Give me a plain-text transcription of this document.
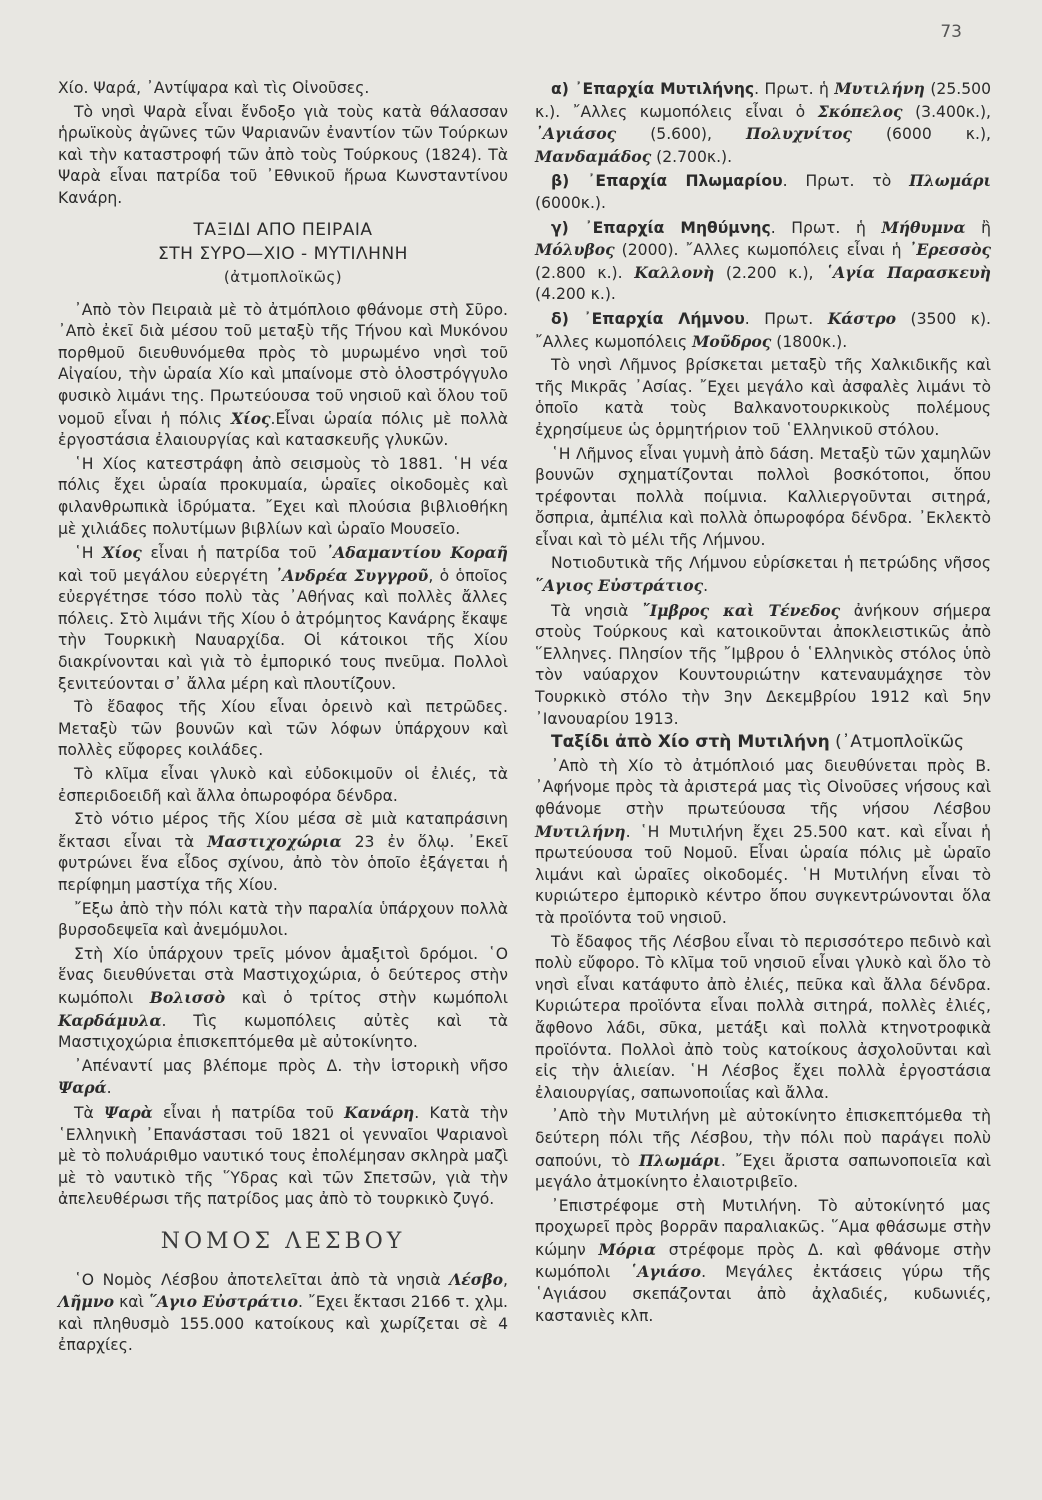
73

Χίο. Ψαρά, ᾽Αντίψαρα καὶ τὶς Οἰνοῦσες.

Τὸ νησὶ Ψαρὰ εἶναι ἔνδοξο γιὰ τοὺς κατὰ θάλασσαν ἡρωϊκοὺς ἀγῶνες τῶν Ψαριανῶν ἐναντίον τῶν Τούρκων καὶ τὴν καταστροφή τῶν ἀπὸ τοὺς Τούρκους (1824). Τὰ Ψαρὰ εἶναι πατρίδα τοῦ ᾽Εθνικοῦ ἥρωα Κωνσταντίνου Κανάρη.

ΤΑΞΙΔΙ ΑΠΟ ΠΕΙΡΑΙΑ
ΣΤΗ ΣΥΡΟ—ΧΙΟ - ΜΥΤΙΛΗΝΗ
(ἀτμοπλοϊκῶς)

᾽Απὸ τὸν Πειραιὰ μὲ τὸ ἀτμόπλοιο φθάνομε στὴ Σῦρο. ᾽Απὸ ἐκεῖ διὰ μέσου τοῦ μεταξὺ τῆς Τήνου καὶ Μυκόνου πορθμοῦ διευθυνόμεθα πρὸς τὸ μυρωμένο νησὶ τοῦ Αἰγαίου, τὴν ὡραία Χίο καὶ μπαίνομε στὸ ὁλοστρόγγυλο φυσικὸ λιμάνι της. Πρωτεύουσα τοῦ νησιοῦ καὶ ὅλου τοῦ νομοῦ εἶναι ἡ πόλις Χίος.Εἶναι ὡραία πόλις μὲ πολλὰ ἐργοστάσια ἐλαιουργίας καὶ κατασκευῆς γλυκῶν.

῾Η Χίος κατεστράφη ἀπὸ σεισμοὺς τὸ 1881. ῾Η νέα πόλις ἔχει ὡραία προκυμαία, ὡραῖες οἰκοδομὲς καὶ φιλανθρωπικὰ ἱδρύματα. ῎Εχει καὶ πλούσια βιβλιοθήκη μὲ χιλιάδες πολυτίμων βιβλίων καὶ ὡραῖο Μουσεῖο.

῾Η Χίος εἶναι ἡ πατρίδα τοῦ ᾽Αδαμαντίου Κοραῆ καὶ τοῦ μεγάλου εὐεργέτη ᾽Ανδρέα Συγγροῦ, ὁ ὁποῖος εὐεργέτησε τόσο πολὺ τὰς ᾽Αθήνας καὶ πολλὲς ἄλλες πόλεις. Στὸ λιμάνι τῆς Χίου ὁ ἀτρόμητος Κανάρης ἔκαψε τὴν Τουρκικὴ Ναυαρχίδα. Οἱ κάτοικοι τῆς Χίου διακρίνονται καὶ γιὰ τὸ ἐμπορικό τους πνεῦμα. Πολλοὶ ξενιτεύονται σ᾽ ἄλλα μέρη καὶ πλουτίζουν.

Τὸ ἔδαφος τῆς Χίου εἶναι ὀρεινὸ καὶ πετρῶδες. Μεταξὺ τῶν βουνῶν καὶ τῶν λόφων ὑπάρχουν καὶ πολλὲς εὔφορες κοιλάδες.

Τὸ κλῖμα εἶναι γλυκὸ καὶ εὐδοκιμοῦν οἱ ἐλιές, τὰ ἐσπεριδοειδῆ καὶ ἄλλα ὀπωροφόρα δένδρα.

Στὸ νότιο μέρος τῆς Χίου μέσα σὲ μιὰ καταπράσινη ἔκτασι εἶναι τὰ Μαστιχοχώρια 23 ἐν ὅλῳ. ᾽Εκεῖ φυτρώνει ἕνα εἶδος σχίνου, ἀπὸ τὸν ὁποῖο ἐξάγεται ἡ περίφημη μαστίχα τῆς Χίου.

῎Εξω ἀπὸ τὴν πόλι κατὰ τὴν παραλία ὑπάρχουν πολλὰ βυρσοδεψεῖα καὶ ἀνεμόμυλοι.

Στὴ Χίο ὑπάρχουν τρεῖς μόνον ἁμαξιτοὶ δρόμοι. ῾Ο ἕνας διευθύνεται στὰ Μαστιχοχώρια, ὁ δεύτερος στὴν κωμόπολι Βολισσὸ καὶ ὁ τρίτος στὴν κωμόπολι Καρδάμυλα. Τὶς κωμοπόλεις αὐτὲς καὶ τὰ Μαστιχοχώρια ἐπισκεπτόμεθα μὲ αὐτοκίνητο.

᾽Απέναντί μας βλέπομε πρὸς Δ. τὴν ἱστορικὴ νῆσο Ψαρά.

Τὰ Ψαρὰ εἶναι ἡ πατρίδα τοῦ Κανάρη. Κατὰ τὴν ῾Ελληνικὴ ᾽Επανάστασι τοῦ 1821 οἱ γενναῖοι Ψαριανοὶ μὲ τὸ πολυάριθμο ναυτικό τους ἐπολέμησαν σκληρὰ μαζὶ μὲ τὸ ναυτικὸ τῆς ῞Υδρας καὶ τῶν Σπετσῶν, γιὰ τὴν ἀπελευθέρωσι τῆς πατρίδος μας ἀπὸ τὸ τουρκικὸ ζυγό.

ΝΟΜΟΣ ΛΕΣΒΟΥ

῾Ο Νομὸς Λέσβου ἀποτελεῖται ἀπὸ τὰ νησιὰ Λέσβο, Λῆμνο καὶ ῞Αγιο Εὐστράτιο. ῎Εχει ἔκτασι 2166 τ. χλμ. καὶ πληθυσμὸ 155.000 κατοίκους καὶ χωρίζεται σὲ 4 ἐπαρχίες.

α) ᾽Επαρχία Μυτιλήνης. Πρωτ. ἡ Μυτιλήνη (25.500 κ.). ῎Αλλες κωμοπόλεις εἶναι ὁ Σκόπελος (3.400κ.), ᾽Αγιάσος (5.600), Πολυχνίτος (6000 κ.), Μανδαμάδος (2.700κ.).

β) ᾽Επαρχία Πλωμαρίου. Πρωτ. τὸ Πλωμάρι (6000κ.).

γ) ᾽Επαρχία Μηθύμνης. Πρωτ. ἡ Μήθυμνα ἢ Μόλυβος (2000). ῎Αλλες κωμοπόλεις εἶναι ἡ ᾽Ερεσσὸς (2.800 κ.). Καλλονὴ (2.200 κ.), ῾Αγία Παρασκευὴ (4.200 κ.).

δ) ᾽Επαρχία Λήμνου. Πρωτ. Κάστρο (3500 κ). ῎Αλλες κωμοπόλεις Μοῦδρος (1800κ.).

Τὸ νησὶ Λῆμνος βρίσκεται μεταξὺ τῆς Χαλκιδικῆς καὶ τῆς Μικρᾶς ᾽Ασίας. ῎Εχει μεγάλο καὶ ἀσφαλὲς λιμάνι τὸ ὁποῖο κατὰ τοὺς Βαλκανοτουρκικοὺς πολέμους ἐχρησίμευε ὡς ὁρμητήριον τοῦ ῾Ελληνικοῦ στόλου.

῾Η Λῆμνος εἶναι γυμνὴ ἀπὸ δάση. Μεταξὺ τῶν χαμηλῶν βουνῶν σχηματίζονται πολλοὶ βοσκότοποι, ὅπου τρέφονται πολλὰ ποίμνια. Καλλιεργοῦνται σιτηρά, ὄσπρια, ἀμπέλια καὶ πολλὰ ὀπωροφόρα δένδρα. ᾽Εκλεκτὸ εἶναι καὶ τὸ μέλι τῆς Λήμνου.

Νοτιοδυτικὰ τῆς Λήμνου εὑρίσκεται ἡ πετρώδης νῆσος ῞Αγιος Εὐστράτιος.

Τὰ νησιὰ ῎Ιμβρος καὶ Τένεδος ἀνήκουν σήμερα στοὺς Τούρκους καὶ κατοικοῦνται ἀποκλειστικῶς ἀπὸ ῞Ελληνες. Πλησίον τῆς ῎Ιμβρου ὁ ῾Ελληνικὸς στόλος ὑπὸ τὸν ναύαρχον Κουντουριώτην κατεναυμάχησε τὸν Τουρκικὸ στόλο τὴν 3ην Δεκεμβρίου 1912 καὶ 5ην ᾽Ιανουαρίου 1913.

Ταξίδι ἀπὸ Χίο στὴ Μυτιλήνη (᾽Ατμοπλοϊκῶς

᾽Απὸ τὴ Χίο τὸ ἀτμόπλοιό μας διευθύνεται πρὸς Β. ᾽Αφήνομε πρὸς τὰ ἀριστερά μας τὶς Οἰνοῦσες νήσους καὶ φθάνομε στὴν πρωτεύουσα τῆς νήσου Λέσβου Μυτιλήνη. ῾Η Μυτιλήνη ἔχει 25.500 κατ. καὶ εἶναι ἡ πρωτεύουσα τοῦ Νομοῦ. Εἶναι ὡραία πόλις μὲ ὡραῖο λιμάνι καὶ ὡραῖες οἰκοδομές. ῾Η Μυτιλήνη εἶναι τὸ κυριώτερο ἐμπορικὸ κέντρο ὅπου συγκεντρώνονται ὅλα τὰ προϊόντα τοῦ νησιοῦ.

Τὸ ἔδαφος τῆς Λέσβου εἶναι τὸ περισσότερο πεδινὸ καὶ πολὺ εὔφορο. Τὸ κλῖμα τοῦ νησιοῦ εἶναι γλυκὸ καὶ ὅλο τὸ νησὶ εἶναι κατάφυτο ἀπὸ ἐλιές, πεῦκα καὶ ἄλλα δένδρα. Κυριώτερα προϊόντα εἶναι πολλὰ σιτηρά, πολλὲς ἐλιές, ἄφθονο λάδι, σῦκα, μετάξι καὶ πολλὰ κτηνοτροφικὰ προϊόντα. Πολλοὶ ἀπὸ τοὺς κατοίκους ἀσχολοῦνται καὶ εἰς τὴν ἁλιείαν. ῾Η Λέσβος ἔχει πολλὰ ἐργοστάσια ἐλαιουργίας, σαπωνοποιΐας καὶ ἄλλα.

᾽Απὸ τὴν Μυτιλήνη μὲ αὐτοκίνητο ἐπισκεπτόμεθα τὴ δεύτερη πόλι τῆς Λέσβου, τὴν πόλι ποὺ παράγει πολὺ σαπούνι, τὸ Πλωμάρι. ῎Εχει ἄριστα σαπωνοποιεῖα καὶ μεγάλο ἀτμοκίνητο ἐλαιοτριβεῖο.

᾽Επιστρέφομε στὴ Μυτιλήνη. Τὸ αὐτοκίνητό μας προχωρεῖ πρὸς βορρᾶν παραλιακῶς. ῞Αμα φθάσωμε στὴν κώμην Μόρια στρέφομε πρὸς Δ. καὶ φθάνομε στὴν κωμόπολι ῾Αγιάσο. Μεγάλες ἐκτάσεις γύρω τῆς ῾Αγιάσου σκεπάζονται ἀπὸ ἀχλαδιές, κυδωνιές, καστανιὲς κλπ.
